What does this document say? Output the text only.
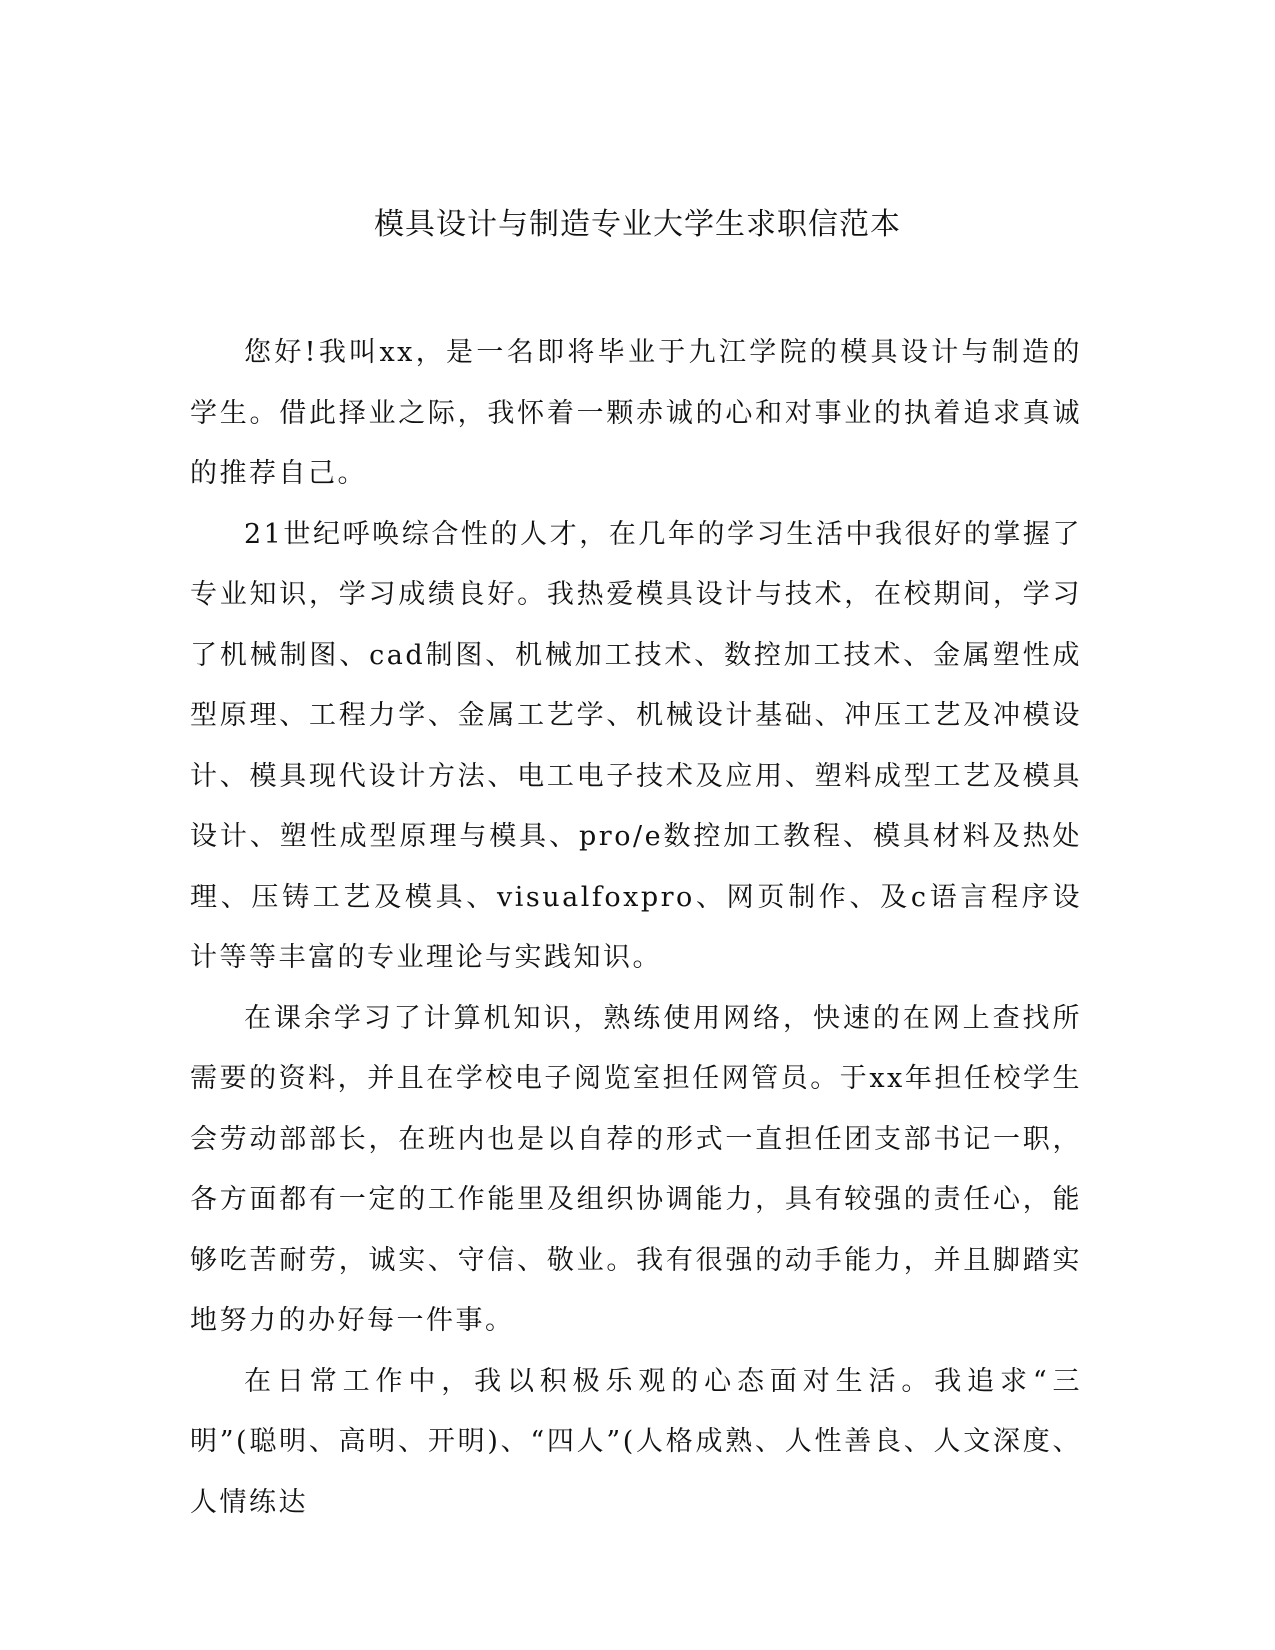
模具设计与制造专业大学生求职信范本

您好!我叫xx，是一名即将毕业于九江学院的模具设计与制造的学生。借此择业之际，我怀着一颗赤诚的心和对事业的执着追求真诚的推荐自己。

21世纪呼唤综合性的人才，在几年的学习生活中我很好的掌握了专业知识，学习成绩良好。我热爱模具设计与技术，在校期间，学习了机械制图、cad制图、机械加工技术、数控加工技术、金属塑性成型原理、工程力学、金属工艺学、机械设计基础、冲压工艺及冲模设计、模具现代设计方法、电工电子技术及应用、塑料成型工艺及模具设计、塑性成型原理与模具、pro/e数控加工教程、模具材料及热处理、压铸工艺及模具、visualfoxpro、网页制作、及c语言程序设计等等丰富的专业理论与实践知识。

在课余学习了计算机知识，熟练使用网络，快速的在网上查找所需要的资料，并且在学校电子阅览室担任网管员。于xx年担任校学生会劳动部部长，在班内也是以自荐的形式一直担任团支部书记一职，各方面都有一定的工作能里及组织协调能力，具有较强的责任心，能够吃苦耐劳，诚实、守信、敬业。我有很强的动手能力，并且脚踏实地努力的办好每一件事。

在日常工作中，我以积极乐观的心态面对生活。我追求“三明”(聪明、高明、开明)、“四人”(人格成熟、人性善良、人文深度、人情练达
